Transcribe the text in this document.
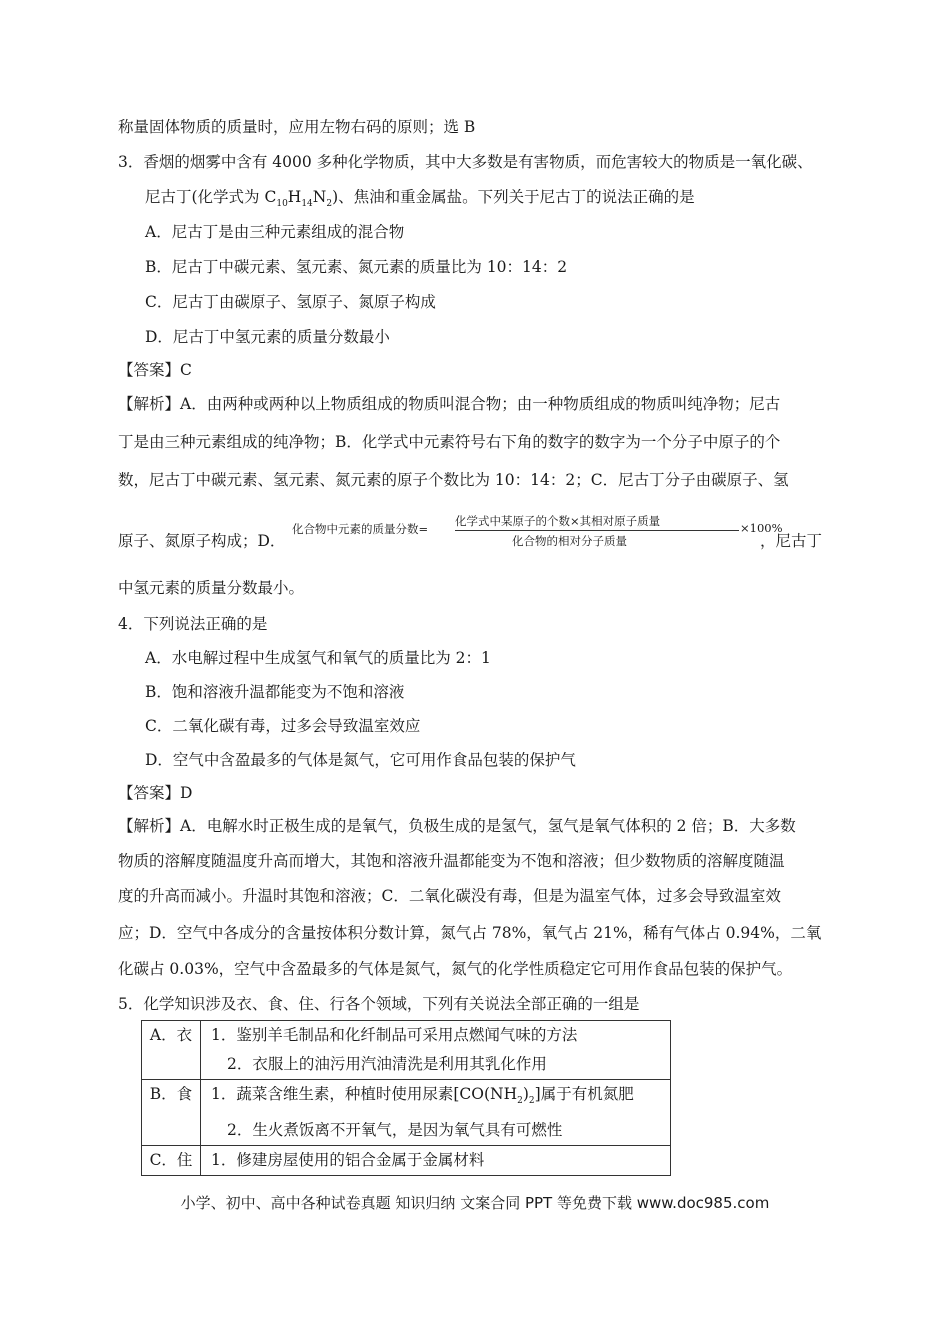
称量固体物质的质量时，应用左物右码的原则；选 B
3．香烟的烟雾中含有 4000 多种化学物质，其中大多数是有害物质，而危害较大的物质是一氧化碳、
尼古丁(化学式为 $C_{10}H_{14}N_2$)、焦油和重金属盐。下列关于尼古丁的说法正确的是
A．尼古丁是由三种元素组成的混合物
B．尼古丁中碳元素、氢元素、氮元素的质量比为 10：14：2
C．尼古丁由碳原子、氢原子、氮原子构成
D．尼古丁中氢元素的质量分数最小
【答案】C
【解析】A．由两种或两种以上物质组成的物质叫混合物；由一种物质组成的物质叫纯净物；尼古
丁是由三种元素组成的纯净物；B．化学式中元素符号右下角的数字的数字为一个分子中原子的个
数，尼古丁中碳元素、氢元素、氮元素的原子个数比为 10：14：2；C．尼古丁分子由碳原子、氢
原子、氮原子构成；D．
化合物中元素的质量分数=
化学式中某原子的个数×其相对原子质量
化合物的相对分子质量
×100%
，尼古丁
中氢元素的质量分数最小。
4．下列说法正确的是
A．水电解过程中生成氢气和氧气的质量比为 2：1
B．饱和溶液升温都能变为不饱和溶液
C．二氧化碳有毒，过多会导致温室效应
D．空气中含盈最多的气体是氮气，它可用作食品包装的保护气
【答案】D
【解析】A．电解水时正极生成的是氧气，负极生成的是氢气，氢气是氧气体积的 2 倍；B．大多数
物质的溶解度随温度升高而增大，其饱和溶液升温都能变为不饱和溶液；但少数物质的溶解度随温
度的升高而减小。升温时其饱和溶液；C．二氧化碳没有毒，但是为温室气体，过多会导致温室效
应；D．空气中各成分的含量按体积分数计算，氮气占 78%，氧气占 21%，稀有气体占 0.94%，二氧
化碳占 0.03%，空气中含盈最多的气体是氮气，氮气的化学性质稳定它可用作食品包装的保护气。
5．化学知识涉及衣、食、住、行各个领域，下列有关说法全部正确的一组是
A．衣	1．鉴别羊毛制品和化纤制品可采用点燃闻气味的方法
2．衣服上的油污用汽油清洗是利用其乳化作用

B．食	1．蔬菜含维生素，种植时使用尿素$[CO(NH_2)_2]$属于有机氮肥
2．生火煮饭离不开氧气，是因为氧气具有可燃性

C．住	1．修建房屋使用的铝合金属于金属材料
小学、初中、高中各种试卷真题 知识归纳 文案合同 PPT 等免费下载 www.doc985.com
